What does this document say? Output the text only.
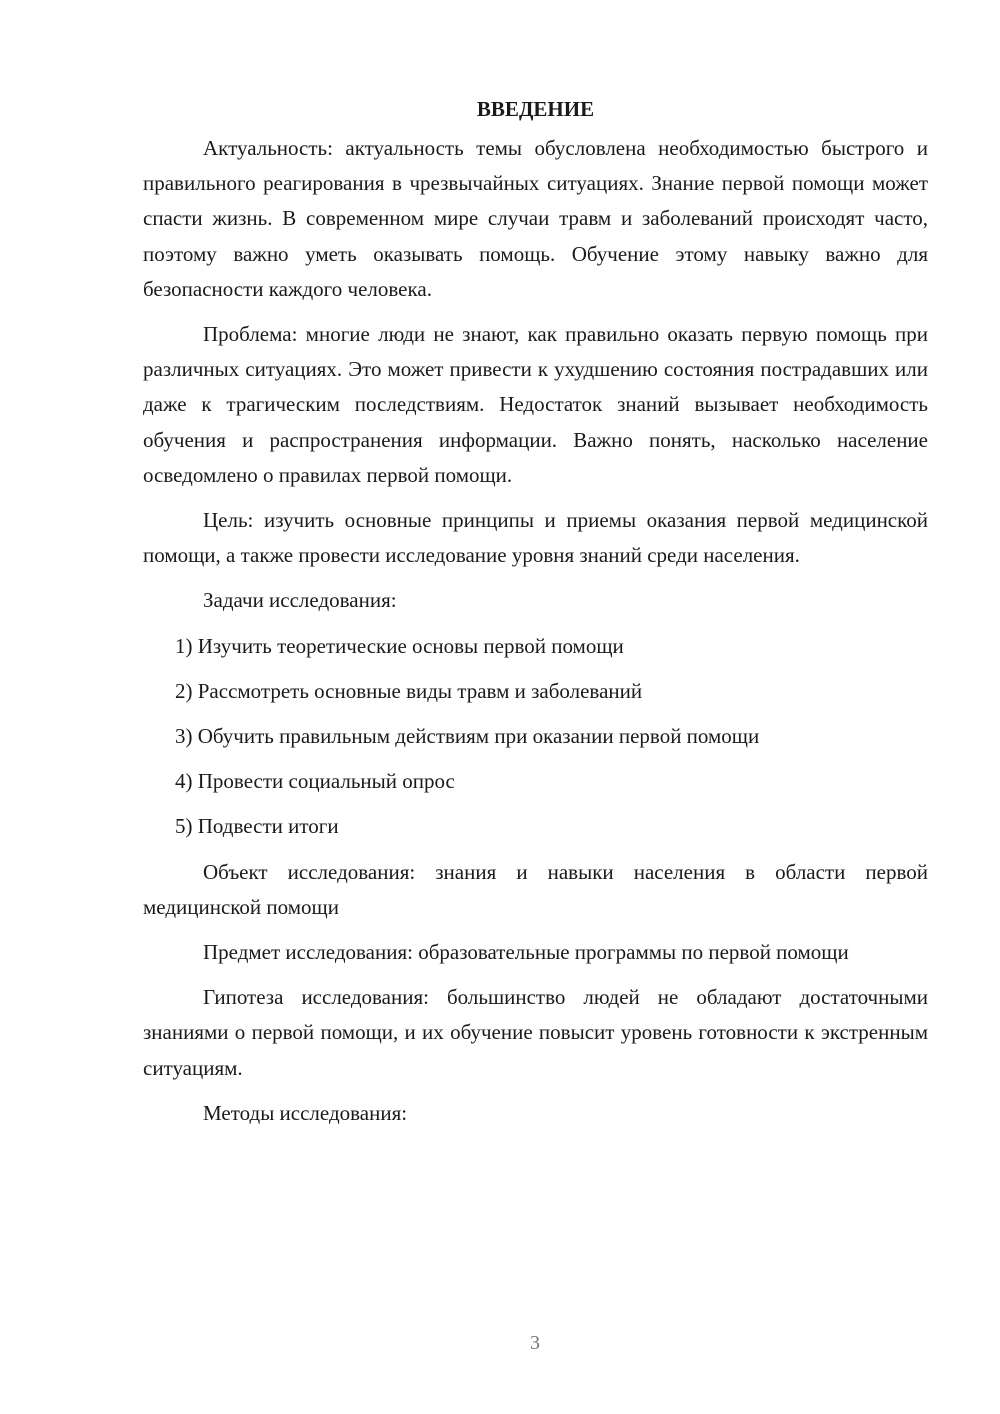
ВВЕДЕНИЕ

Актуальность: актуальность темы обусловлена необходимостью быстрого и правильного реагирования в чрезвычайных ситуациях. Знание первой помощи может спасти жизнь. В современном мире случаи травм и заболеваний происходят часто, поэтому важно уметь оказывать помощь. Обучение этому навыку важно для безопасности каждого человека.

Проблема: многие люди не знают, как правильно оказать первую помощь при различных ситуациях. Это может привести к ухудшению состояния пострадавших или даже к трагическим последствиям. Недостаток знаний вызывает необходимость обучения и распространения информации. Важно понять, насколько население осведомлено о правилах первой помощи.

Цель: изучить основные принципы и приемы оказания первой медицинской помощи, а также провести исследование уровня знаний среди населения.

Задачи исследования:

1) Изучить теоретические основы первой помощи
2) Рассмотреть основные виды травм и заболеваний
3) Обучить правильным действиям при оказании первой помощи
4) Провести социальный опрос
5) Подвести итоги

Объект исследования: знания и навыки населения в области первой медицинской помощи

Предмет исследования: образовательные программы по первой помощи

Гипотеза исследования: большинство людей не обладают достаточными знаниями о первой помощи, и их обучение повысит уровень готовности к экстренным ситуациям.

Методы исследования:

3
